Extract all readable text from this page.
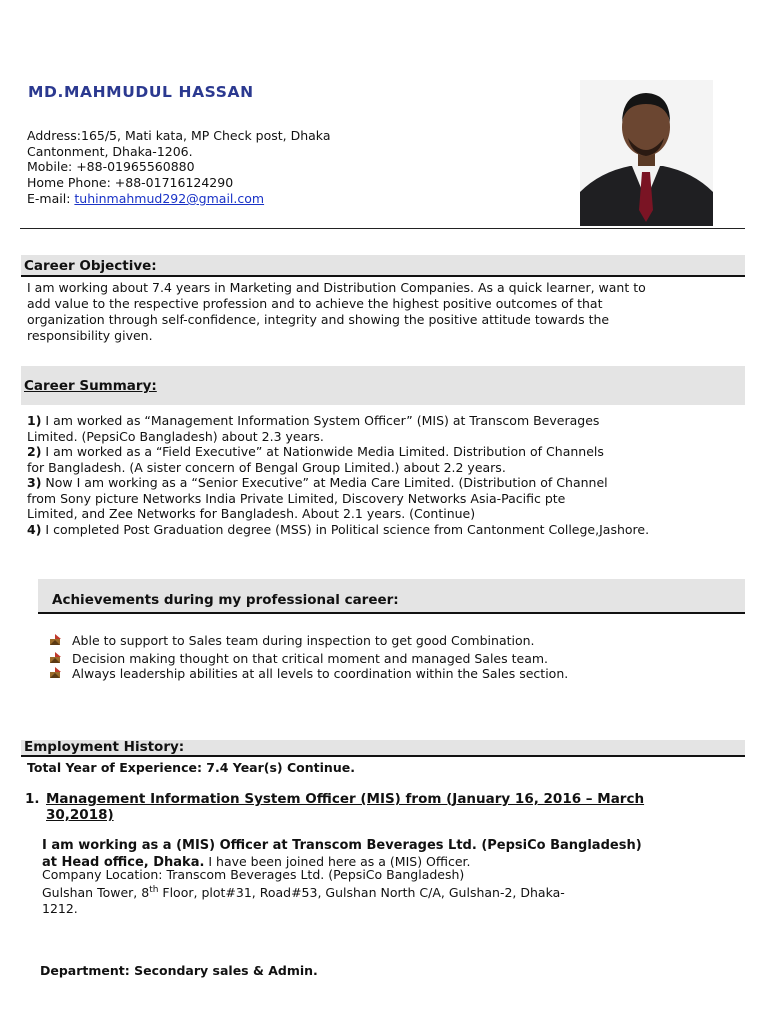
MD.MAHMUDUL HASSAN
Address:165/5, Mati kata, MP Check post, Dhaka
Cantonment, Dhaka-1206.
Mobile: +88-01965560880
Home Phone: +88-01716124290
E-mail: tuhinmahmud292@gmail.com
Career Objective:
I am working about 7.4 years in Marketing and Distribution Companies. As a quick learner, want to
add value to the respective profession and to achieve the highest positive outcomes of that
organization through self-confidence, integrity and showing the positive attitude towards the
responsibility given.
Career Summary:
1) I am worked as “Management Information System Officer” (MIS) at Transcom Beverages
Limited. (PepsiCo Bangladesh) about 2.3 years.
2) I am worked as a “Field Executive” at Nationwide Media Limited. Distribution of Channels
for Bangladesh. (A sister concern of Bengal Group Limited.) about 2.2 years.
3) Now I am working as a “Senior Executive” at Media Care Limited. (Distribution of Channel
from Sony picture Networks India Private Limited, Discovery Networks Asia-Pacific pte
Limited, and Zee Networks for Bangladesh. About 2.1 years. (Continue)
4) I completed Post Graduation degree (MSS) in Political science from Cantonment College,Jashore.
Achievements during my professional career:
Able to support to Sales team during inspection to get good Combination.
Decision making thought on that critical moment and managed Sales team.
Always leadership abilities at all levels to coordination within the Sales section.
Employment History:
Total Year of Experience: 7.4 Year(s) Continue.
1. Management Information System Officer (MIS) from (January 16, 2016 – March
30,2018)
I am working as a (MIS) Officer at Transcom Beverages Ltd. (PepsiCo Bangladesh)
at Head office, Dhaka. I have been joined here as a (MIS) Officer.
Company Location: Transcom Beverages Ltd. (PepsiCo Bangladesh)
Gulshan Tower, 8th Floor, plot#31, Road#53, Gulshan North C/A, Gulshan-2, Dhaka-
1212.
Department: Secondary sales & Admin.
